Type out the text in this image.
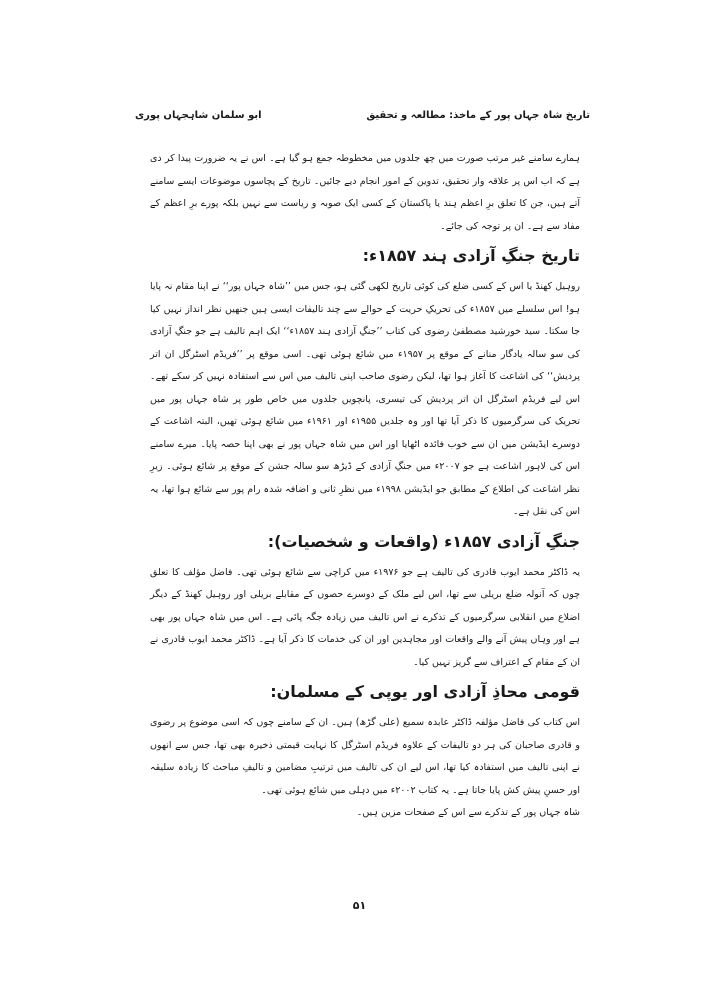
تاریخ شاہ جہاں پور کے ماخذ: مطالعہ و تحقیق
ابو سلمان شاہجہاں پوری

ہمارے سامنے غیر مرتب صورت میں چھ جلدوں میں مخطوطہ جمع ہو گیا ہے۔ اس نے یہ ضرورت پیدا کر دی ہے کہ اب اس پر علاقہ وار تحقیق، تدوین کے امور انجام دیے جائیں۔ تاریخ کے پچاسوں موضوعات ایسے سامنے آتے ہیں، جن کا تعلق برِ اعظم ہند یا پاکستان کے کسی ایک صوبہ و ریاست سے نہیں بلکہ پورے برِ اعظم کے مفاد سے ہے۔ ان پر توجہ کی جائے۔

تاریخ جنگِ آزادی ہند ۱۸۵۷ء:

روہیل کھنڈ یا اس کے کسی ضلع کی کوئی تاریخ لکھی گئی ہو، جس میں ’’شاہ جہاں پور‘‘ نے اپنا مقام نہ پایا ہو! اس سلسلے میں ۱۸۵۷ء کی تحریکِ حریت کے حوالے سے چند تالیفات ایسی ہیں جنھیں نظر انداز نہیں کیا جا سکتا۔ سید خورشید مصطفیٰ رضوی کی کتاب ’’جنگِ آزادی ہند ۱۸۵۷ء‘‘ ایک اہم تالیف ہے جو جنگِ آزادی کی سو سالہ یادگار منانے کے موقع پر ۱۹۵۷ء میں شائع ہوئی تھی۔ اسی موقع پر ’’فریڈم اسٹرگل ان اتر پردیش‘‘ کی اشاعت کا آغاز ہوا تھا، لیکن رضوی صاحب اپنی تالیف میں اس سے استفادہ نہیں کر سکے تھے۔ اس لیے فریڈم اسٹرگل ان اتر پردیش کی تیسری، پانچویں جلدوں میں خاص طور پر شاہ جہاں پور میں تحریک کی سرگرمیوں کا ذکر آیا تھا اور وہ جلدیں ۱۹۵۵ء اور ۱۹۶۱ء میں شائع ہوئی تھیں، البتہ اشاعت کے دوسرے ایڈیشن میں ان سے خوب فائدہ اٹھایا اور اس میں شاہ جہاں پور نے بھی اپنا حصہ پایا۔ میرے سامنے اس کی لاہور اشاعت ہے جو ۲۰۰۷ء میں جنگِ آزادی کے ڈیڑھ سو سالہ جشن کے موقع پر شائع ہوئی۔ زیرِ نظر اشاعت کی اطلاع کے مطابق جو ایڈیشن ۱۹۹۸ء میں نظرِ ثانی و اضافہ شدہ رام پور سے شائع ہوا تھا، یہ اس کی نقل ہے۔

جنگِ آزادی ۱۸۵۷ء (واقعات و شخصیات):

یہ ڈاکٹر محمد ایوب قادری کی تالیف ہے جو ۱۹۷۶ء میں کراچی سے شائع ہوئی تھی۔ فاضل مؤلف کا تعلق چوں کہ آنولہ ضلع بریلی سے تھا، اس لیے ملک کے دوسرے حصوں کے مقابلے بریلی اور روہیل کھنڈ کے دیگر اضلاع میں انقلابی سرگرمیوں کے تذکرے نے اس تالیف میں زیادہ جگہ پائی ہے۔ اس میں شاہ جہاں پور بھی ہے اور وہاں پیش آنے والے واقعات اور مجاہدین اور ان کی خدمات کا ذکر آیا ہے۔ ڈاکٹر محمد ایوب قادری نے ان کے مقام کے اعتراف سے گریز نہیں کیا۔

قومی محاذِ آزادی اور یوپی کے مسلمان:

اس کتاب کی فاضل مؤلفہ ڈاکٹر عابدہ سمیع (علی گڑھ) ہیں۔ ان کے سامنے چوں کہ اسی موضوع پر رضوی و قادری صاحبان کی ہر دو تالیفات کے علاوہ فریڈم اسٹرگل کا نہایت قیمتی ذخیرہ بھی تھا، جس سے انھوں نے اپنی تالیف میں استفادہ کیا تھا، اس لیے ان کی تالیف میں ترتیبِ مضامین و تالیفِ مباحث کا زیادہ سلیقہ اور حسنِ پیش کش پایا جاتا ہے۔ یہ کتاب ۲۰۰۲ء میں دہلی میں شائع ہوئی تھی۔

شاہ جہاں پور کے تذکرے سے اس کے صفحات مزین ہیں۔

۵۱
